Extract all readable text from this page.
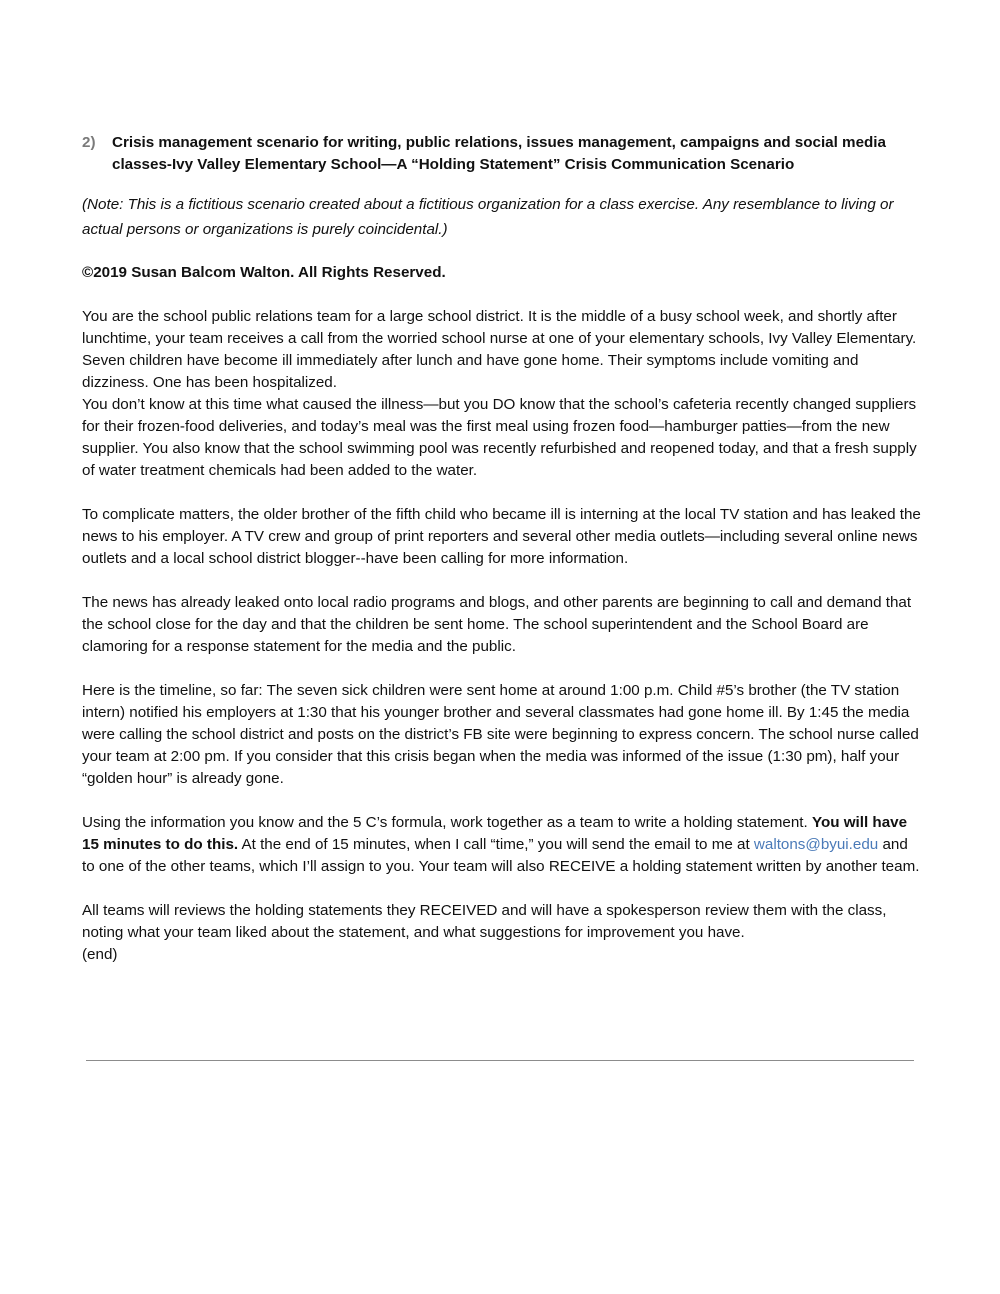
2)	Crisis management scenario for writing, public relations, issues management, campaigns and social media classes-Ivy Valley Elementary School—A “Holding Statement” Crisis Communication Scenario

(Note: This is a fictitious scenario created about a fictitious organization for a class exercise. Any resemblance to living or actual persons or organizations is purely coincidental.)

©2019 Susan Balcom Walton. All Rights Reserved.

You are the school public relations team for a large school district. It is the middle of a busy school week, and shortly after lunchtime, your team receives a call from the worried school nurse at one of your elementary schools, Ivy Valley Elementary. Seven children have become ill immediately after lunch and have gone home. Their symptoms include vomiting and dizziness. One has been hospitalized.

You don’t know at this time what caused the illness—but you DO know that the school’s cafeteria recently changed suppliers for their frozen-food deliveries, and today’s meal was the first meal using frozen food—hamburger patties—from the new supplier. You also know that the school swimming pool was recently refurbished and reopened today, and that a fresh supply of water treatment chemicals had been added to the water.

To complicate matters, the older brother of the fifth child who became ill is interning at the local TV station and has leaked the news to his employer. A TV crew and group of print reporters and several other media outlets—including several online news outlets and a local school district blogger--have been calling for more information.

The news has already leaked onto local radio programs and blogs, and other parents are beginning to call and demand that the school close for the day and that the children be sent home. The school superintendent and the School Board are clamoring for a response statement for the media and the public.

Here is the timeline, so far: The seven sick children were sent home at around 1:00 p.m. Child #5’s brother (the TV station intern) notified his employers at 1:30 that his younger brother and several classmates had gone home ill. By 1:45 the media were calling the school district and posts on the district’s FB site were beginning to express concern. The school nurse called your team at 2:00 pm. If you consider that this crisis began when the media was informed of the issue (1:30 pm), half your “golden hour” is already gone.

Using the information you know and the 5 C’s formula, work together as a team to write a holding statement. You will have 15 minutes to do this. At the end of 15 minutes, when I call “time,” you will send the email to me at waltons@byui.edu and to one of the other teams, which I’ll assign to you. Your team will also RECEIVE a holding statement written by another team.

All teams will reviews the holding statements they RECEIVED and will have a spokesperson review them with the class, noting what your team liked about the statement, and what suggestions for improvement you have.

(end)
